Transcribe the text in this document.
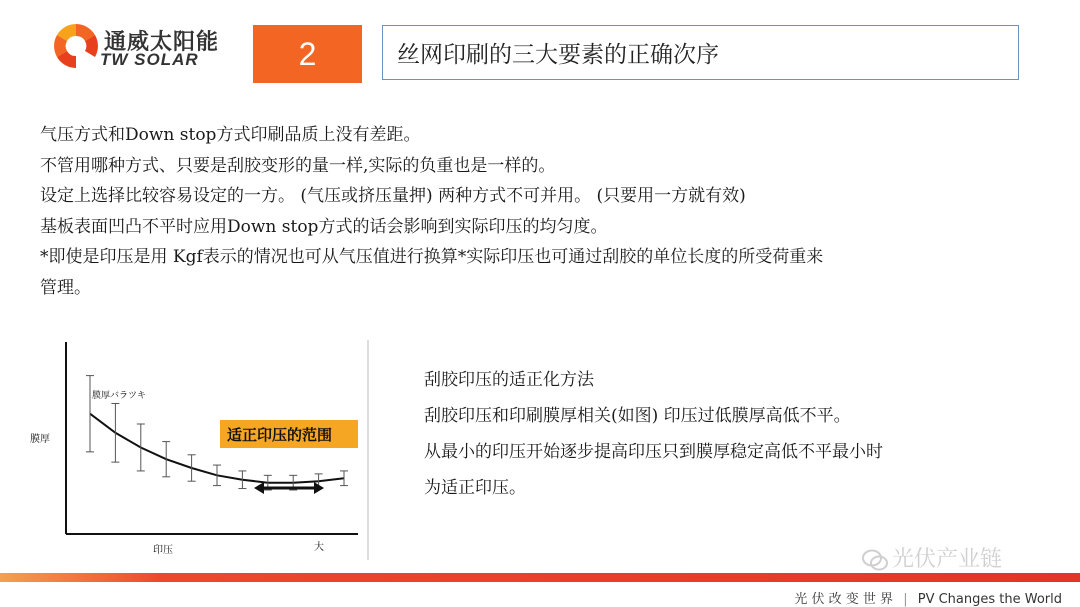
通威太阳能
TW SOLAR	2	丝网印刷的三大要素的正确次序

气压方式和Down stop方式印刷品质上没有差距。

不管用哪种方式、只要是刮胶变形的量一样,实际的负重也是一样的。

设定上选择比较容易设定的一方。 (气压或挤压量押) 两种方式不可并用。 (只要用一方就有效)

基板表面凹凸不平时应用Down stop方式的话会影响到实际印压的均匀度。

*即使是印压是用 Kgf表示的情况也可从气压值进行换算*实际印压也可通过刮胶的单位长度的所受荷重来

管理。

膜厚
印压	大
膜厚バラツキ
适正印压的范围

刮胶印压的适正化方法

刮胶印压和印刷膜厚相关(如图) 印压过低膜厚高低不平。

从最小的印压开始逐步提高印压只到膜厚稳定高低不平最小时

为适正印压。

光伏产业链
光 伏 改 变 世 界 | PV Changes the World
